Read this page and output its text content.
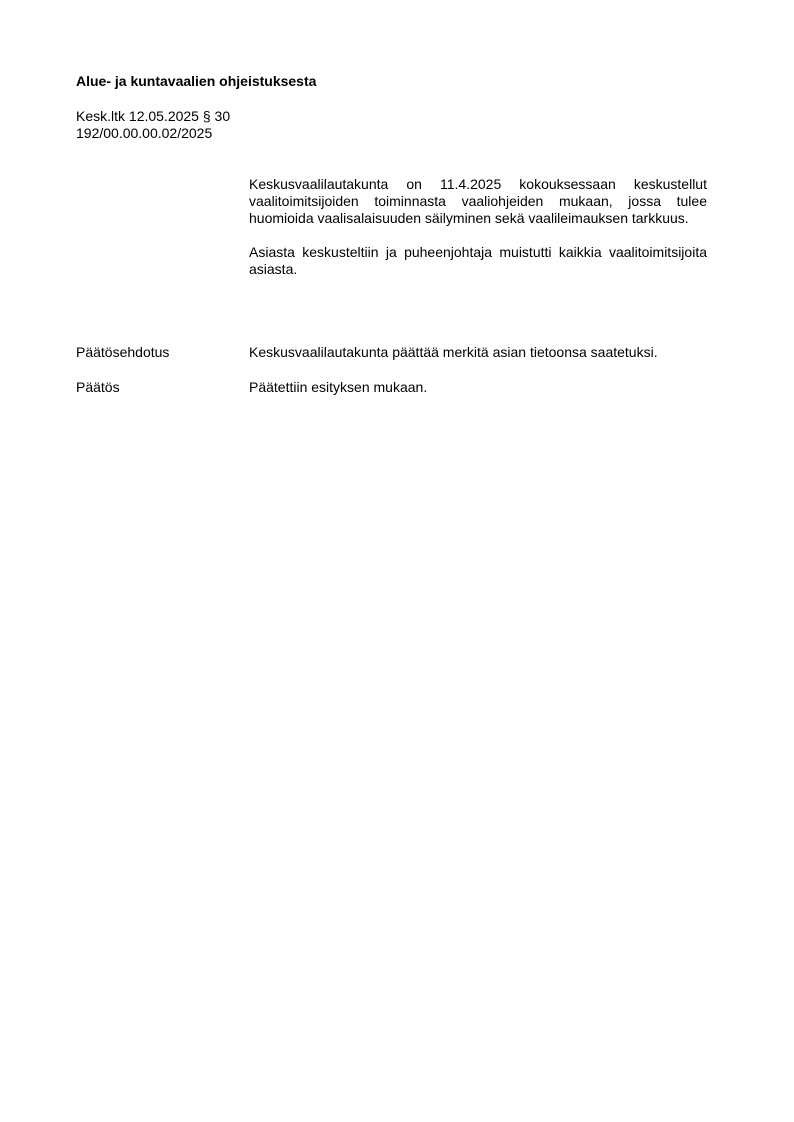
Alue- ja kuntavaalien ohjeistuksesta
Kesk.ltk 12.05.2025 § 30
192/00.00.00.02/2025
Keskusvaalilautakunta on 11.4.2025 kokouksessaan keskustellut vaalitoimitsijoiden toiminnasta vaaliohjeiden mukaan, jossa tulee huomioida vaalisalaisuuden säilyminen sekä vaalileimauksen tarkkuus.
Asiasta keskusteltiin ja puheenjohtaja muistutti kaikkia vaalitoimitsijoita asiasta.
Päätösehdotus	Keskusvaalilautakunta päättää merkitä asian tietoonsa saatetuksi.
Päätös	Päätettiin esityksen mukaan.
